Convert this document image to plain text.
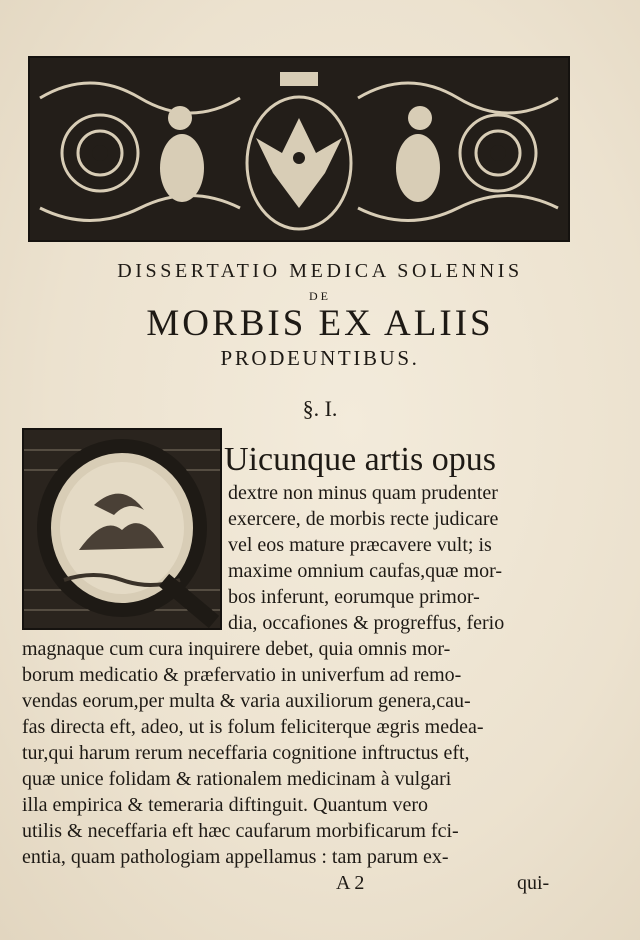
DISSERTATIO MEDICA SOLENNIS
DE
MORBIS EX ALIIS
PRODEUNTIBUS.
§. I.
Uicunque artis opus
dextre non minus quam prudenter
exercere, de morbis recte judicare
vel eos mature præcavere vult; is
maxime omnium caufas,quæ mor-
bos inferunt, eorumque primor-
dia, occafiones & progreffus, ferio
magnaque cum cura inquirere debet, quia omnis mor-
borum medicatio & præfervatio in univerfum ad remo-
vendas eorum,per multa & varia auxiliorum genera,cau-
fas directa eft, adeo, ut is folum feliciterque ægris medea-
tur,qui harum rerum neceffaria cognitione inftructus eft,
quæ unice folidam & rationalem medicinam à vulgari
illa empirica & temeraria diftinguit. Quantum vero
utilis & neceffaria eft hæc caufarum morbificarum fci-
entia, quam pathologiam appellamus : tam parum ex-
A 2	qui-
